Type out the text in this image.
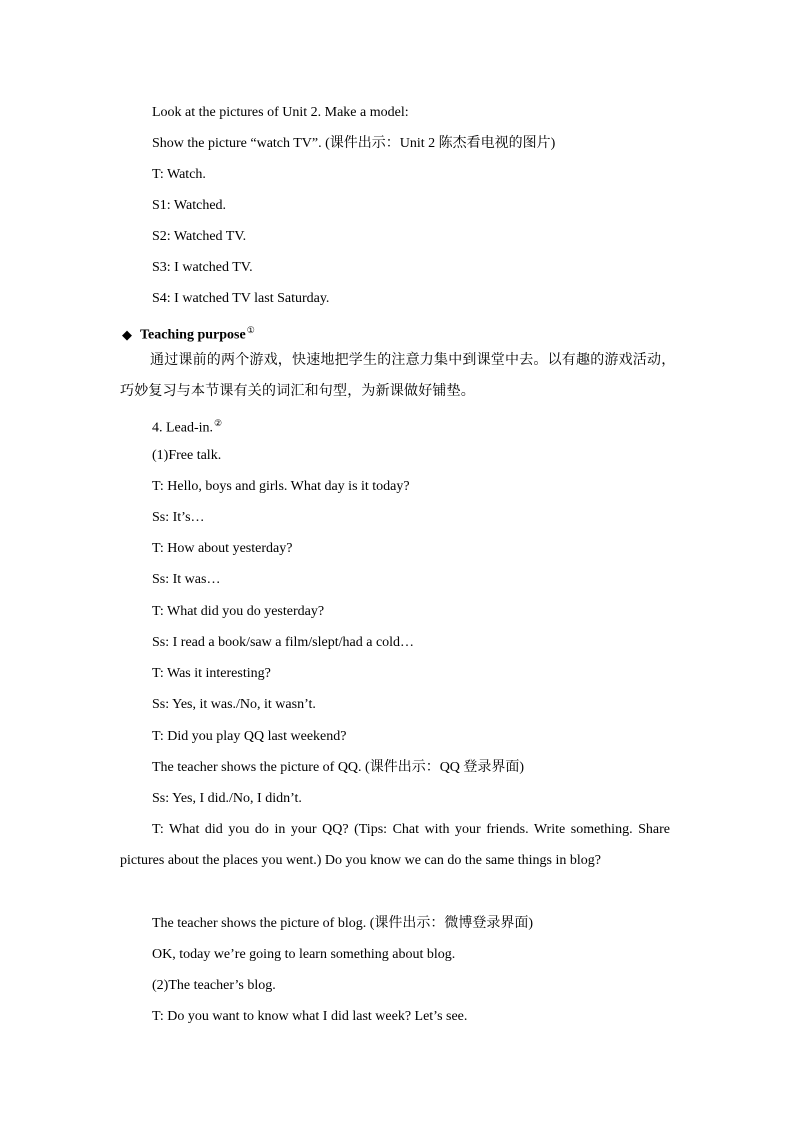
Look at the pictures of Unit 2. Make a model:
Show the picture “watch TV”. (课件出示：Unit 2 陈杰看电视的图片)
T: Watch.
S1: Watched.
S2: Watched TV.
S3: I watched TV.
S4: I watched TV last Saturday.
◆ Teaching purpose①
通过课前的两个游戏，快速地把学生的注意力集中到课堂中去。以有趣的游戏活动，巧妙复习与本节课有关的词汇和句型，为新课做好铺垫。
4. Lead-in.②
(1)Free talk.
T: Hello, boys and girls. What day is it today?
Ss: It’s…
T: How about yesterday?
Ss: It was…
T: What did you do yesterday?
Ss: I read a book/saw a film/slept/had a cold…
T: Was it interesting?
Ss: Yes, it was./No, it wasn’t.
T: Did you play QQ last weekend?
The teacher shows the picture of QQ. (课件出示：QQ 登录界面)
Ss: Yes, I did./No, I didn’t.
T: What did you do in your QQ? (Tips: Chat with your friends. Write something. Share pictures about the places you went.) Do you know we can do the same things in blog?
The teacher shows the picture of blog. (课件出示：微博登录界面)
OK, today we’re going to learn something about blog.
(2)The teacher’s blog.
T: Do you want to know what I did last week? Let’s see.
